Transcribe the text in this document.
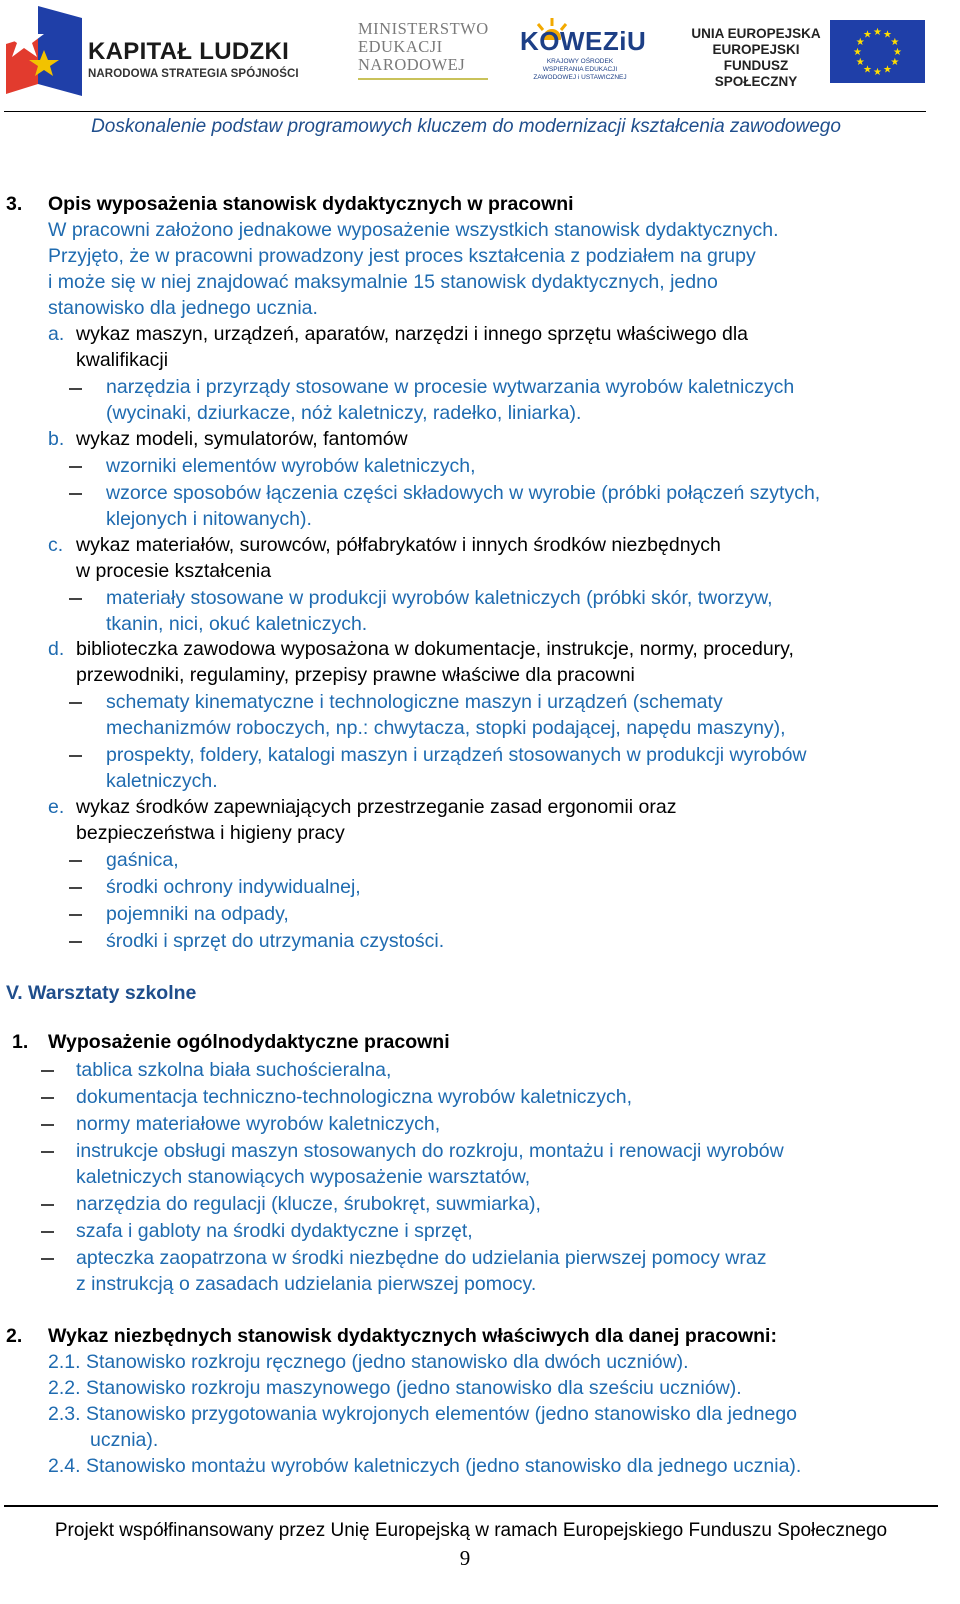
KAPITAŁ LUDZKI
NARODOWA STRATEGIA SPÓJNOŚCI
MINISTERSTWO
EDUKACJI
NARODOWEJ
KOWEZiU
KRAJOWY OŚRODEK WSPIERANIA EDUKACJI ZAWODOWEJ i USTAWICZNEJ
UNIA EUROPEJSKA
EUROPEJSKI
FUNDUSZ SPOŁECZNY
★ ★
★
★
★
★
★
★
★
★
★
★
Doskonalenie podstaw programowych kluczem do modernizacji kształcenia zawodowego
3. Opis wyposażenia stanowisk dydaktycznych w pracowni
W pracowni założono jednakowe wyposażenie wszystkich stanowisk dydaktycznych.
Przyjęto, że w pracowni prowadzony jest proces kształcenia z podziałem na grupy
i może się w niej znajdować maksymalnie 15 stanowisk dydaktycznych, jedno
stanowisko dla jednego ucznia.
a. wykaz maszyn, urządzeń, aparatów, narzędzi i innego sprzętu właściwego dla
kwalifikacji
narzędzia i przyrządy stosowane w procesie wytwarzania wyrobów kaletniczych
(wycinaki, dziurkacze, nóż kaletniczy, radełko, liniarka).
b. wykaz modeli, symulatorów, fantomów
wzorniki elementów wyrobów kaletniczych,
wzorce sposobów łączenia części składowych w wyrobie (próbki połączeń szytych,
klejonych i nitowanych).
c. wykaz materiałów, surowców, półfabrykatów i innych środków niezbędnych
w procesie kształcenia
materiały stosowane w produkcji wyrobów kaletniczych (próbki skór, tworzyw,
tkanin, nici, okuć kaletniczych.
d. biblioteczka zawodowa wyposażona w dokumentacje, instrukcje, normy, procedury,
przewodniki, regulaminy, przepisy prawne właściwe dla pracowni
schematy kinematyczne i technologiczne maszyn i urządzeń (schematy
mechanizmów roboczych, np.: chwytacza, stopki podającej, napędu maszyny),
prospekty, foldery, katalogi maszyn i urządzeń stosowanych w produkcji wyrobów
kaletniczych.
e. wykaz środków zapewniających przestrzeganie zasad ergonomii oraz
bezpieczeństwa i higieny pracy
gaśnica,
środki ochrony indywidualnej,
pojemniki na odpady,
środki i sprzęt do utrzymania czystości.
V. Warsztaty szkolne
1. Wyposażenie ogólnodydaktyczne pracowni
tablica szkolna biała suchościeralna,
dokumentacja techniczno-technologiczna wyrobów kaletniczych,
normy materiałowe wyrobów kaletniczych,
instrukcje obsługi maszyn stosowanych do rozkroju, montażu i renowacji wyrobów
kaletniczych stanowiących wyposażenie warsztatów,
narzędzia do regulacji (klucze, śrubokręt, suwmiarka),
szafa i gabloty na środki dydaktyczne i sprzęt,
apteczka zaopatrzona w środki niezbędne do udzielania pierwszej pomocy wraz
z instrukcją o zasadach udzielania pierwszej pomocy.
2. Wykaz niezbędnych stanowisk dydaktycznych właściwych dla danej pracowni:
2.1. Stanowisko rozkroju ręcznego (jedno stanowisko dla dwóch uczniów).
2.2. Stanowisko rozkroju maszynowego (jedno stanowisko dla sześciu uczniów).
2.3. Stanowisko przygotowania wykrojonych elementów (jedno stanowisko dla jednego
uczniа).
2.4. Stanowisko montażu wyrobów kaletniczych (jedno stanowisko dla jednego ucznia).
Projekt współfinansowany przez Unię Europejską w ramach Europejskiego Funduszu Społecznego
9
